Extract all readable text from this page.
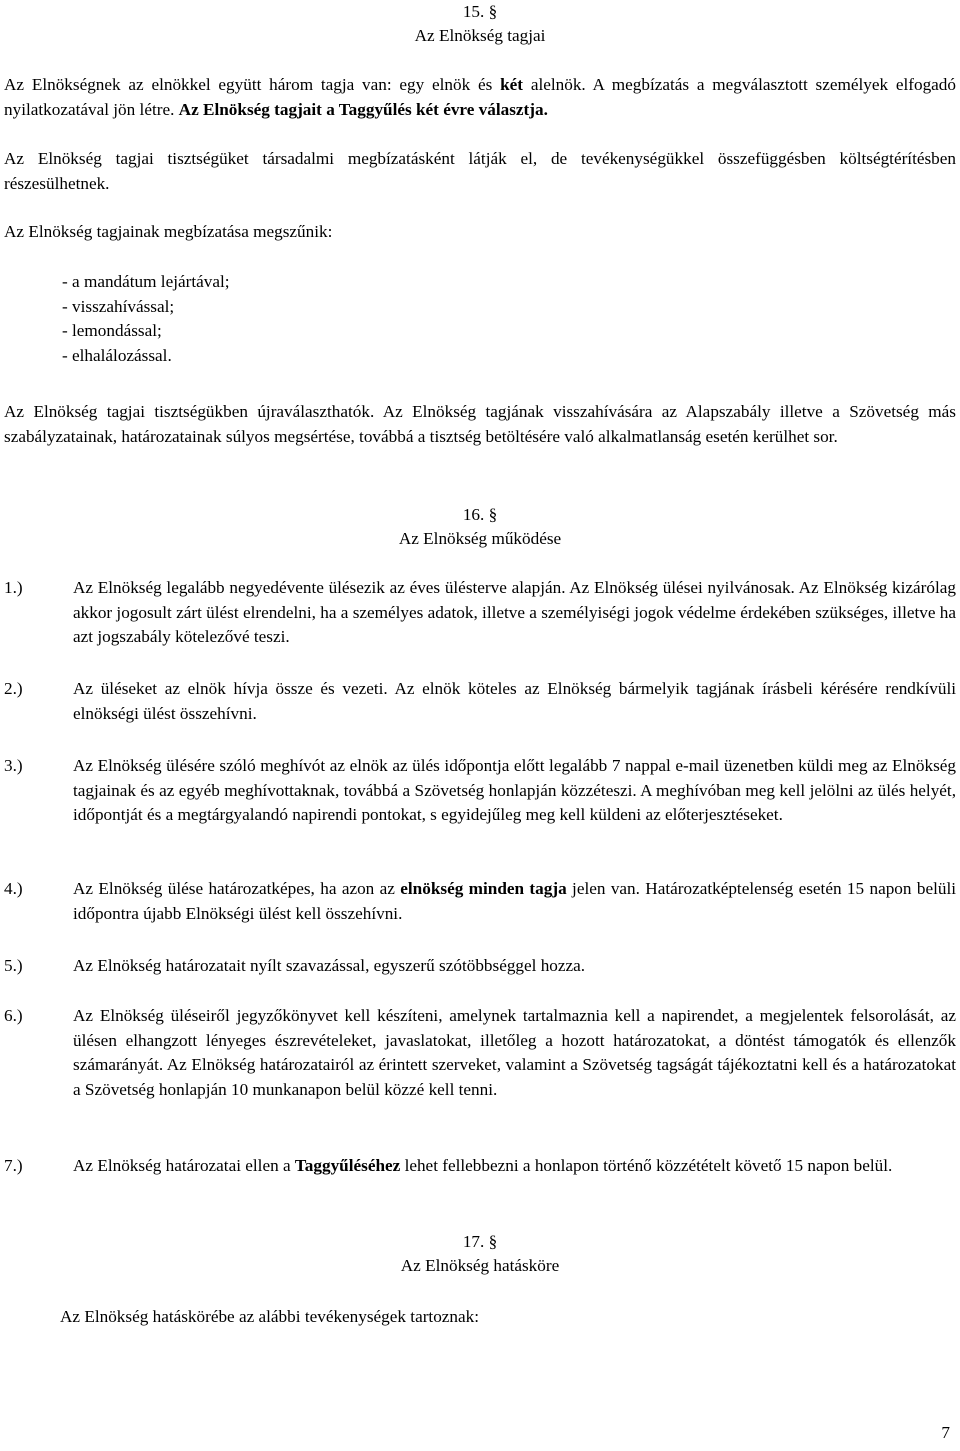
15. §
Az Elnökség tagjai
Az Elnökségnek az elnökkel együtt három tagja van: egy elnök és két alelnök. A megbízatás a megválasztott személyek elfogadó nyilatkozatával jön létre. Az Elnökség tagjait a Taggyűlés két évre választja.
Az Elnökség tagjai tisztségüket társadalmi megbízatásként látják el, de tevékenységükkel összefüggésben költségtérítésben részesülhetnek.
Az Elnökség tagjainak megbízatása megszűnik:
- a mandátum lejártával;
- visszahívással;
- lemondással;
- elhalálozással.
Az Elnökség tagjai tisztségükben újraválaszthatók. Az Elnökség tagjának visszahívására az Alapszabály illetve a Szövetség más szabályzatainak, határozatainak súlyos megsértése, továbbá a tisztség betöltésére való alkalmatlanság esetén kerülhet sor.
16. §
Az Elnökség működése
1.)	Az Elnökség legalább negyedévente ülésezik az éves ülésterve alapján. Az Elnökség ülései nyilvánosak. Az Elnökség kizárólag akkor jogosult zárt ülést elrendelni, ha a személyes adatok, illetve a személyiségi jogok védelme érdekében szükséges, illetve ha azt jogszabály kötelezővé teszi.
2.)	Az üléseket az elnök hívja össze és vezeti. Az elnök köteles az Elnökség bármelyik tagjának írásbeli kérésére rendkívüli elnökségi ülést összehívni.
3.)	Az Elnökség ülésére szóló meghívót az elnök az ülés időpontja előtt legalább 7 nappal e-mail üzenetben küldi meg az Elnökség tagjainak és az egyéb meghívottaknak, továbbá a Szövetség honlapján közzéteszi. A meghívóban meg kell jelölni az ülés helyét, időpontját és a megtárgyalandó napirendi pontokat, s egyidejűleg meg kell küldeni az előterjesztéseket.
4.)	Az Elnökség ülése határozatképes, ha azon az elnökség minden tagja jelen van. Határozatképtelenség esetén 15 napon belüli időpontra újabb Elnökségi ülést kell összehívni.
5.)	Az Elnökség határozatait nyílt szavazással, egyszerű szótöbbséggel hozza.
6.)	Az Elnökség üléseiről jegyzőkönyvet kell készíteni, amelynek tartalmaznia kell a napirendet, a megjelentek felsorolását, az ülésen elhangzott lényeges észrevételeket, javaslatokat, illetőleg a hozott határozatokat, a döntést támogatók és ellenzők számarányát. Az Elnökség határozatairól az érintett szerveket, valamint a Szövetség tagságát tájékoztatni kell és a határozatokat a Szövetség honlapján 10 munkanapon belül közzé kell tenni.
7.)	Az Elnökség határozatai ellen a Taggyűléséhez lehet fellebbezni a honlapon történő közzétételt követő 15 napon belül.
17. §
Az Elnökség hatásköre
Az Elnökség hatáskörébe az alábbi tevékenységek tartoznak:
7
